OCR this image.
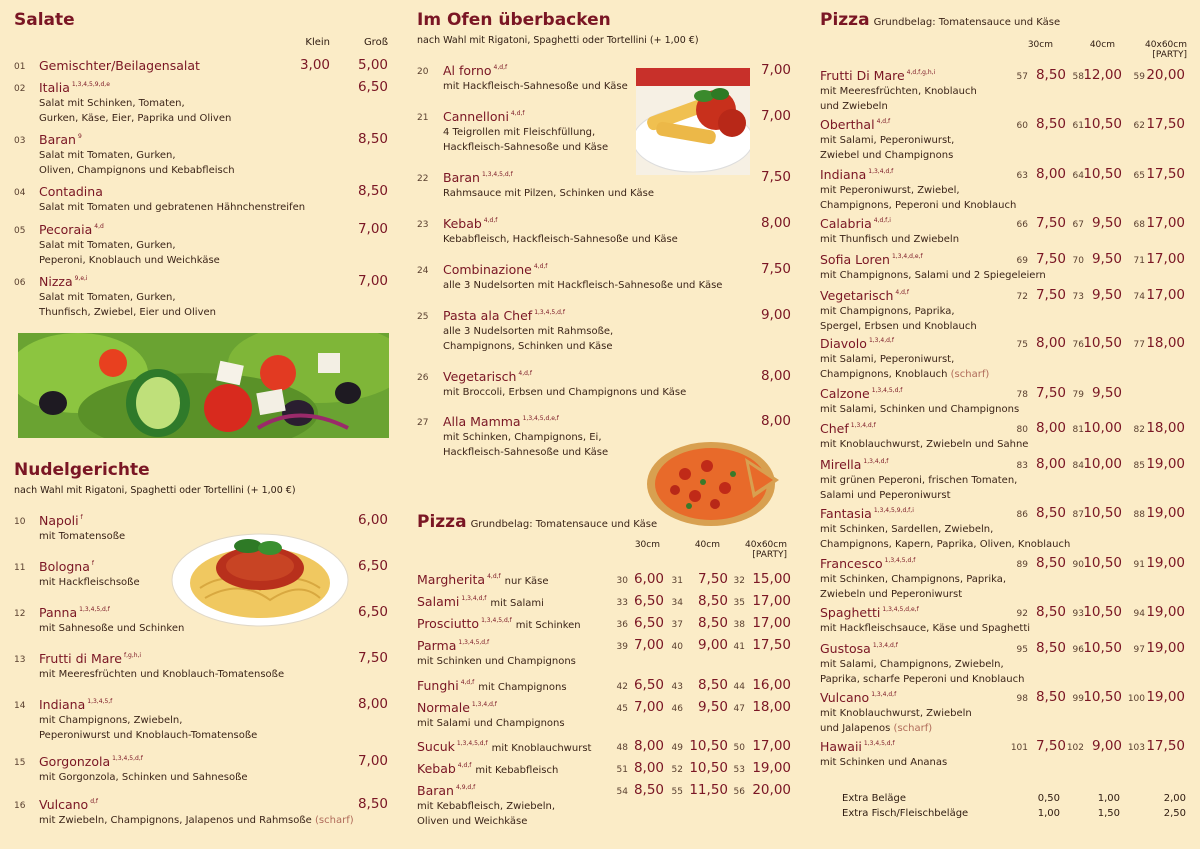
Salate
Klein	Groß
01 Gemischter/Beilagensalat	3,00	5,00
02 Italia $^{1,3,4,5,9,d,e}$
Salat mit Schinken, Tomaten,
Gurken, Käse, Eier, Paprika und Oliven
6,50
03 Baran $^9$
Salat mit Tomaten, Gurken,
Oliven, Champignons und Kebabfleisch
8,50
04 Contadina
Salat mit Tomaten und gebratenen Hähnchenstreifen
8,50
05 Pecoraia $^{4,d}$
Salat mit Tomaten, Gurken,
Peperoni, Knoblauch und Weichkäse
7,00
06 Nizza $^{9,e,i}$
Salat mit Tomaten, Gurken,
Thunfisch, Zwiebel, Eier und Oliven
7,00
Nudelgerichte
nach Wahl mit Rigatoni, Spaghetti oder Tortellini (+ 1,00 €)
10 Napoli $^f$
mit Tomatensoße
6,00
11 Bologna $^f$
mit Hackfleischsoße
6,50
12 Panna $^{1,3,4,5,d,f}$
mit Sahnesoße und Schinken
6,50
13 Frutti di Mare $^{f,g,h,i}$
mit Meeresfrüchten und Knoblauch-Tomatensoße
7,50
14 Indiana $^{1,3,4,5,f}$
mit Champignons, Zwiebeln,
Peperoniwurst und Knoblauch-Tomatensoße
8,00
15 Gorgonzola $^{1,3,4,5,d,f}$
mit Gorgonzola, Schinken und Sahnesoße
7,00
16 Vulcano $^{d,f}$
mit Zwiebeln, Champignons, Jalapenos und Rahmsoße (scharf)
8,50
Im Ofen überbacken
nach Wahl mit Rigatoni, Spaghetti oder Tortellini (+ 1,00 €)
20 Al forno $^{4,d,f}$
mit Hackfleisch-Sahnesoße und Käse
7,00
21 Cannelloni $^{4,d,f}$
4 Teigrollen mit Fleischfüllung,
Hackfleisch-Sahnesoße und Käse
7,00
22 Baran $^{1,3,4,5,d,f}$
Rahmsauce mit Pilzen, Schinken und Käse
7,50
23 Kebab $^{4,d,f}$
Kebabfleisch, Hackfleisch-Sahnesoße und Käse
8,00
24 Combinazione $^{4,d,f}$
alle 3 Nudelsorten mit Hackfleisch-Sahnesoße und Käse
7,50
25 Pasta ala Chef $^{1,3,4,5,d,f}$
alle 3 Nudelsorten mit Rahmsoße,
Champignons, Schinken und Käse
9,00
26 Vegetarisch $^{4,d,f}$
mit Broccoli, Erbsen und Champignons und Käse
8,00
27 Alla Mamma $^{1,3,4,5,d,e,f}$
mit Schinken, Champignons, Ei,
Hackfleisch-Sahnesoße und Käse
8,00
Pizza Grundbelag: Tomatensauce und Käse
30cm	40cm	40x60cm
[PARTY]
Margherita $^{4,d,f}$ nur Käse	30 6,00 31	7,50 32 15,00
Salami $^{1,3,4,d,f}$ mit Salami	33 6,50 34	8,50 35 17,00
Prosciutto $^{1,3,4,5,d,f}$ mit Schinken	36 6,50 37	8,50 38 17,00
Parma $^{1,3,4,5,d,f}$
mit Schinken und Champignons
39 7,00 40	9,00 41 17,50
Funghi $^{4,d,f}$ mit Champignons	42 6,50 43	8,50 44 16,00
Normale $^{1,3,4,d,f}$
mit Salami und Champignons
45 7,00 46	9,50 47 18,00
Sucuk $^{1,3,4,5,d,f}$ mit Knoblauchwurst	48 8,00 49 10,50 50 17,00
Kebab $^{4,d,f}$ mit Kebabfleisch	51 8,00 52 10,50 53 19,00
Baran $^{4,9,d,f}$
mit Kebabfleisch, Zwiebeln,
Oliven und Weichkäse
54 8,50 55 11,50 56 20,00
Pizza Grundbelag: Tomatensauce und Käse
30cm	40cm	40x60cm
[PARTY]
Frutti Di Mare $^{4,d,f,g,h,i}$
mit Meeresfrüchten, Knoblauch
und Zwiebeln
57 8,50 58 12,00	59 20,00
Oberthal $^{4,d,f}$
mit Salami, Peperoniwurst,
Zwiebel und Champignons
60 8,50 61 10,50	62 17,50
Indiana $^{1,3,4,d,f}$
mit Peperoniwurst, Zwiebel,
Champignons, Peperoni und Knoblauch
63 8,00 64 10,50	65 17,50
Calabria $^{4,d,f,i}$
mit Thunfisch und Zwiebeln
66 7,50 67 9,50	68 17,00
Sofia Loren $^{1,3,4,d,e,f}$
mit Champignons, Salami und 2 Spiegeleiern
69 7,50 70 9,50	71 17,00
Vegetarisch $^{4,d,f}$
mit Champignons, Paprika,
Spergel, Erbsen und Knoblauch
72 7,50 73 9,50	74 17,00
Diavolo $^{1,3,4,d,f}$
mit Salami, Peperoniwurst,
Champignons, Knoblauch (scharf)
75 8,00 76 10,50	77 18,00
Calzone $^{1,3,4,5,d,f}$
mit Salami, Schinken und Champignons
78 7,50 79 9,50
Chef $^{1,3,4,d,f}$
mit Knoblauchwurst, Zwiebeln und Sahne
80 8,00 81 10,00	82 18,00
Mirella $^{1,3,4,d,f}$
mit grünen Peperoni, frischen Tomaten,
Salami und Peperoniwurst
83 8,00 84 10,00	85 19,00
Fantasia $^{1,3,4,5,9,d,f,i}$
mit Schinken, Sardellen, Zwiebeln,
Champignons, Kapern, Paprika, Oliven, Knoblauch
86 8,50 87 10,50	88 19,00
Francesco $^{1,3,4,5,d,f}$
mit Schinken, Champignons, Paprika,
Zwiebeln und Peperoniwurst
89 8,50 90 10,50	91 19,00
Spaghetti $^{1,3,4,5,d,e,f}$
mit Hackfleischsauce, Käse und Spaghetti
92 8,50 93 10,50	94 19,00
Gustosa $^{1,3,4,d,f}$
mit Salami, Champignons, Zwiebeln,
Paprika, scharfe Peperoni und Knoblauch
95 8,50 96 10,50	97 19,00
Vulcano $^{1,3,4,d,f}$
mit Knoblauchwurst, Zwiebeln
und Jalapenos (scharf)
98 8,50 99 10,50 100 19,00
Hawaii $^{1,3,4,5,d,f}$
mit Schinken und Ananas
101 7,50 102 9,00 103 17,50
Extra Beläge	0,50	1,00	2,00
Extra Fisch/Fleischbeläge	1,00	1,50	2,50
